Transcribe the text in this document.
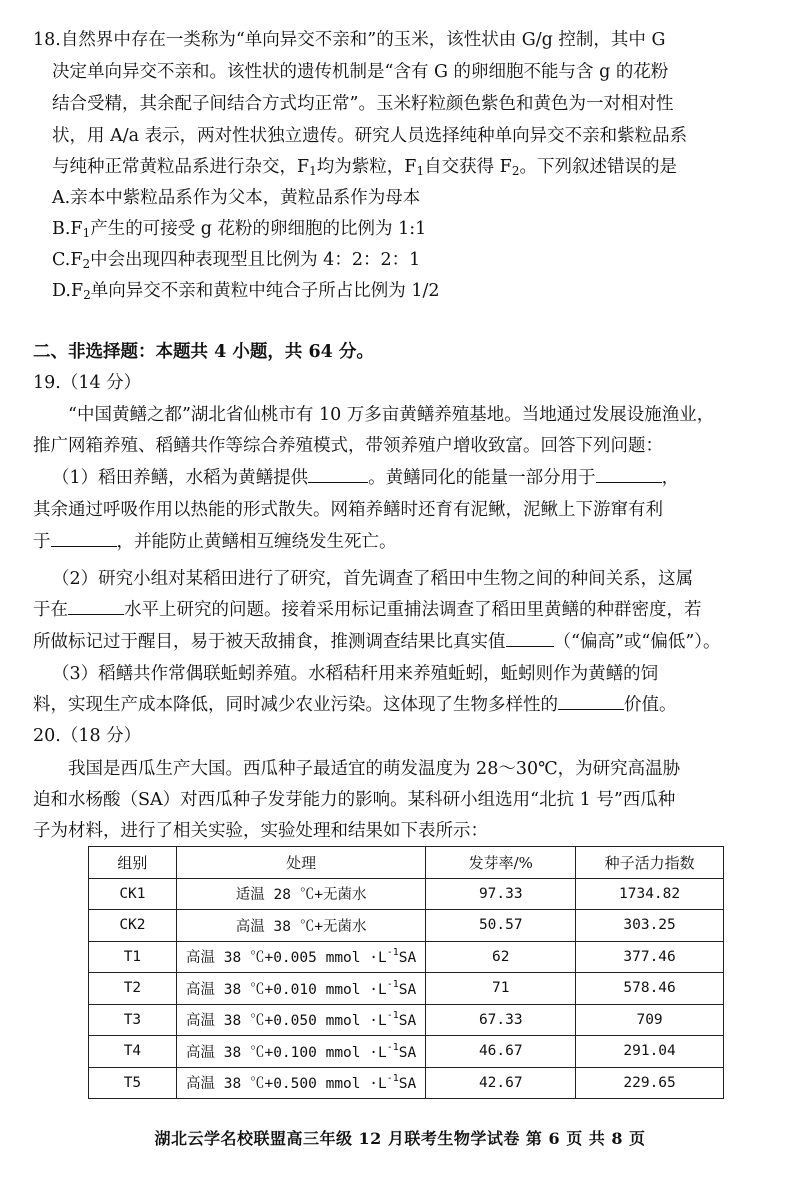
18.自然界中存在一类称为“单向异交不亲和”的玉米，该性状由 G/g 控制，其中 G
决定单向异交不亲和。该性状的遗传机制是“含有 G 的卵细胞不能与含 g 的花粉
结合受精，其余配子间结合方式均正常”。玉米籽粒颜色紫色和黄色为一对相对性
状，用 A/a 表示，两对性状独立遗传。研究人员选择纯种单向异交不亲和紫粒品系
与纯种正常黄粒品系进行杂交，$F_1$均为紫粒，$F_1$自交获得 $F_2$。下列叙述错误的是
A.亲本中紫粒品系作为父本，黄粒品系作为母本
$B.F_1$产生的可接受 g 花粉的卵细胞的比例为 1:1
$C.F_2$中会出现四种表现型且比例为 4：2：2：1
$D.F_2$单向异交不亲和黄粒中纯合子所占比例为 1/2
二、非选择题：本题共 4 小题，共 64 分。
19.（14 分）
“中国黄鳝之都”湖北省仙桃市有 10 万多亩黄鳝养殖基地。当地通过发展设施渔业，
推广网箱养殖、稻鳝共作等综合养殖模式，带领养殖户增收致富。回答下列问题：
（1）稻田养鳝，水稻为黄鳝提供	。黄鳝同化的能量一部分用于	，
其余通过呼吸作用以热能的形式散失。网箱养鳝时还育有泥鳅，泥鳅上下游窜有利
于	，并能防止黄鳝相互缠绕发生死亡。
（2）研究小组对某稻田进行了研究，首先调查了稻田中生物之间的种间关系，这属
于在	水平上研究的问题。接着采用标记重捕法调查了稻田里黄鳝的种群密度，若
所做标记过于醒目，易于被天敌捕食，推测调查结果比真实值	（“偏高”或“偏低”）。
（3）稻鳝共作常偶联蚯蚓养殖。水稻秸秆用来养殖蚯蚓，蚯蚓则作为黄鳝的饲
料，实现生产成本降低，同时减少农业污染。这体现了生物多样性的	价值。
20.（18 分）
我国是西瓜生产大国。西瓜种子最适宜的萌发温度为 28～30℃，为研究高温胁
迫和水杨酸（SA）对西瓜种子发芽能力的影响。某科研小组选用“北抗 1 号”西瓜种
子为材料，进行了相关实验，实验处理和结果如下表所示：
组别	处理	发芽率/%	种子活力指数
CK1	适温 28 ℃+无菌水	97.33	1734.82
CK2	高温 38 ℃+无菌水	50.57	303.25
T1	高温 38 ℃+0.005 mmol $\cdot L^{-1}SA$	62	377.46
T2	高温 38 ℃+0.010 mmol $\cdot L^{-1}SA$	71	578.46
T3	高温 38 ℃+0.050 mmol $\cdot L^{-1}SA$	67.33	709
T4	高温 38 ℃+0.100 mmol $\cdot L^{-1}SA$	46.67	291.04
T5	高温 38 ℃+0.500 mmol $\cdot L^{-1}SA$	42.67	229.65
湖北云学名校联盟高三年级 12 月联考生物学试卷 第 6 页 共 8 页
